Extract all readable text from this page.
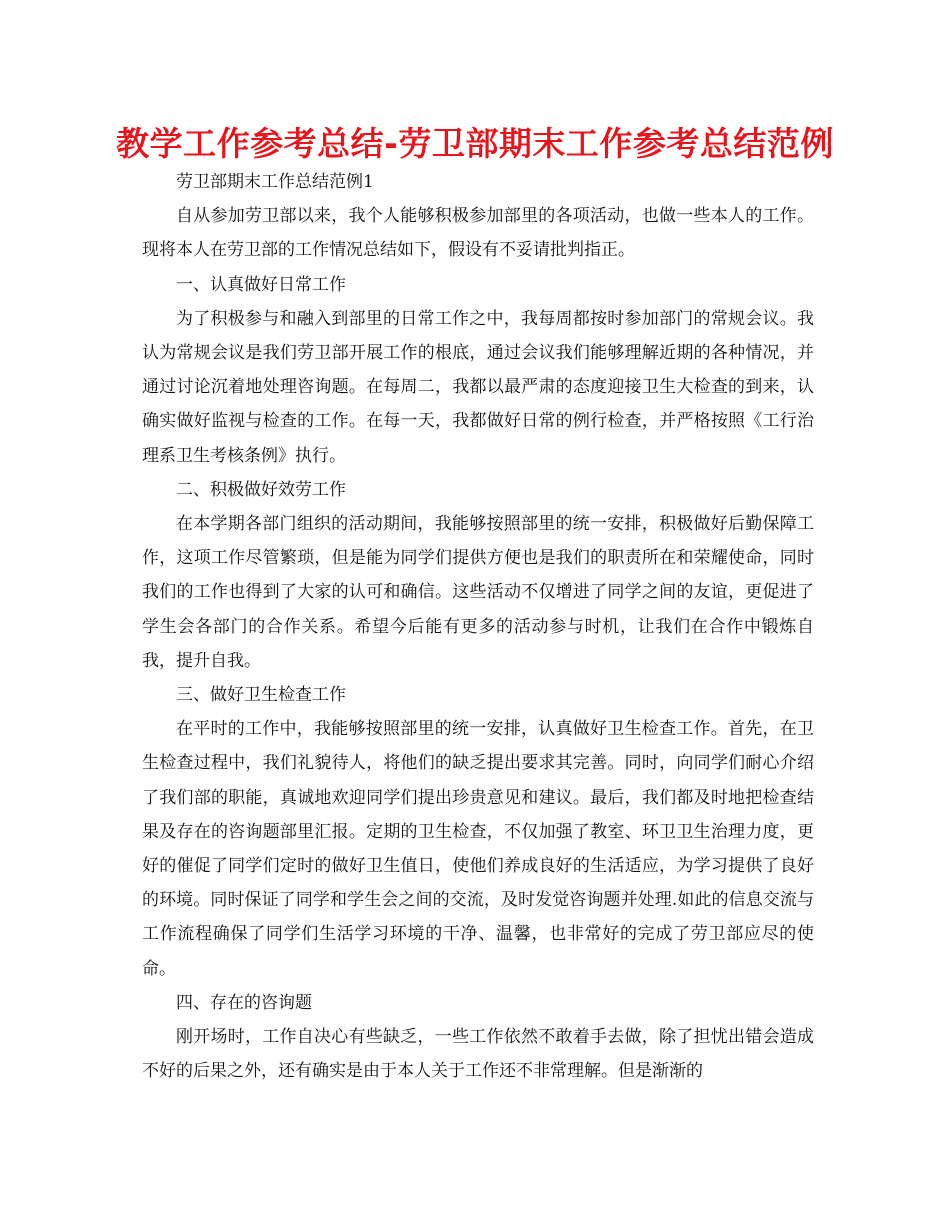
教学工作参考总结-劳卫部期末工作参考总结范例

劳卫部期末工作总结范例1

自从参加劳卫部以来，我个人能够积极参加部里的各项活动，也做一些本人的工作。现将本人在劳卫部的工作情况总结如下，假设有不妥请批判指正。

一、认真做好日常工作

为了积极参与和融入到部里的日常工作之中，我每周都按时参加部门的常规会议。我认为常规会议是我们劳卫部开展工作的根底，通过会议我们能够理解近期的各种情况，并通过讨论沉着地处理咨询题。在每周二，我都以最严肃的态度迎接卫生大检查的到来，认确实做好监视与检查的工作。在每一天，我都做好日常的例行检查，并严格按照《工行治理系卫生考核条例》执行。

二、积极做好效劳工作

在本学期各部门组织的活动期间，我能够按照部里的统一安排，积极做好后勤保障工作，这项工作尽管繁琐，但是能为同学们提供方便也是我们的职责所在和荣耀使命，同时我们的工作也得到了大家的认可和确信。这些活动不仅增进了同学之间的友谊，更促进了学生会各部门的合作关系。希望今后能有更多的活动参与时机，让我们在合作中锻炼自我，提升自我。

三、做好卫生检查工作

在平时的工作中，我能够按照部里的统一安排，认真做好卫生检查工作。首先，在卫生检查过程中，我们礼貌待人，将他们的缺乏提出要求其完善。同时，向同学们耐心介绍了我们部的职能，真诚地欢迎同学们提出珍贵意见和建议。最后，我们都及时地把检查结果及存在的咨询题部里汇报。定期的卫生检查，不仅加强了教室、环卫卫生治理力度，更好的催促了同学们定时的做好卫生值日，使他们养成良好的生活适应，为学习提供了良好的环境。同时保证了同学和学生会之间的交流，及时发觉咨询题并处理.如此的信息交流与工作流程确保了同学们生活学习环境的干净、温馨，也非常好的完成了劳卫部应尽的使命。

四、存在的咨询题

刚开场时，工作自决心有些缺乏，一些工作依然不敢着手去做，除了担忧出错会造成不好的后果之外，还有确实是由于本人关于工作还不非常理解。但是渐渐的
